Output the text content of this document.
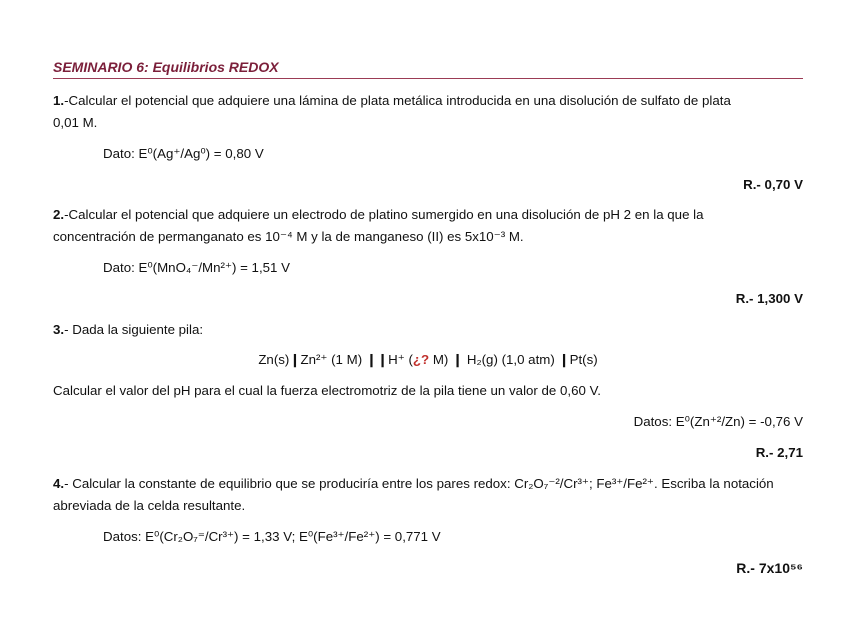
SEMINARIO 6: Equilibrios REDOX
1.-Calcular el potencial que adquiere una lámina de plata metálica introducida en una disolución de sulfato de plata
0,01 M.
Dato: E⁰(Ag⁺/Ag⁰) = 0,80 V
R.- 0,70 V
2.-Calcular el potencial que adquiere un electrodo de platino sumergido en una disolución de pH 2 en la que la
concentración de permanganato es 10⁻⁴ M y la de manganeso (II) es 5x10⁻³ M.
Dato: E⁰(MnO₄⁻/Mn²⁺) = 1,51 V
R.- 1,300 V
3.- Dada la siguiente pila:
Zn(s)❙Zn²⁺ (1 M) ❙❙H⁺ (¿? M) ❙ H₂(g) (1,0 atm) ❙Pt(s)
Calcular el valor del pH para el cual la fuerza electromotriz de la pila tiene un valor de 0,60 V.
Datos: E⁰(Zn⁺²/Zn) = -0,76 V
R.- 2,71
4.- Calcular la constante de equilibrio que se produciría entre los pares redox: Cr₂O₇⁻²/Cr³⁺; Fe³⁺/Fe²⁺. Escriba la notación
abreviada de la celda resultante.
Datos: E⁰(Cr₂O₇⁼/Cr³⁺) = 1,33 V; E⁰(Fe³⁺/Fe²⁺) = 0,771 V
R.- 7x10⁵⁶
